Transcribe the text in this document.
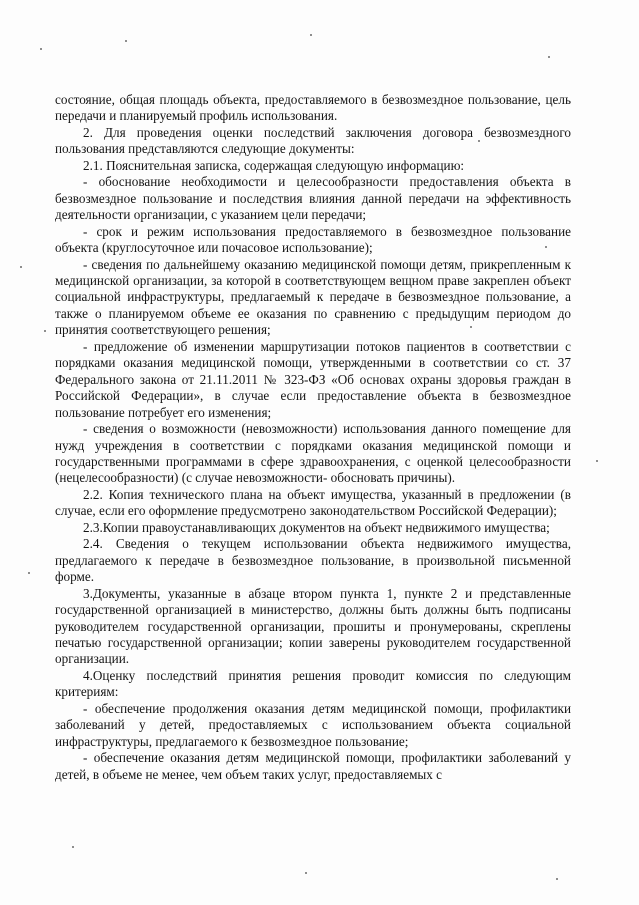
состояние, общая площадь объекта, предоставляемого в безвозмездное пользование, цель передачи и планируемый профиль использования.

2. Для проведения оценки последствий заключения договора безвозмездного пользования представляются следующие документы:

2.1. Пояснительная записка, содержащая следующую информацию:

- обоснование необходимости и целесообразности предоставления объекта в безвозмездное пользование и последствия влияния данной передачи на эффективность деятельности организации, с указанием цели передачи;

- срок и режим использования предоставляемого в безвозмездное пользование объекта (круглосуточное или почасовое использование);

- сведения по дальнейшему оказанию медицинской помощи детям, прикрепленным к медицинской организации, за которой в соответствующем вещном праве закреплен объект социальной инфраструктуры, предлагаемый к передаче в безвозмездное пользование, а также о планируемом объеме ее оказания по сравнению с предыдущим периодом до принятия соответствующего решения;

- предложение об изменении маршрутизации потоков пациентов в соответствии с порядками оказания медицинской помощи, утвержденными в соответствии со ст. 37 Федерального закона от 21.11.2011 № 323-ФЗ «Об основах охраны здоровья граждан в Российской Федерации», в случае если предоставление объекта в безвозмездное пользование потребует его изменения;

- сведения о возможности (невозможности) использования данного помещение для нужд учреждения в соответствии с порядками оказания медицинской помощи и государственными программами в сфере здравоохранения, с оценкой целесообразности (нецелесообразности) (с случае невозможности- обосновать причины).

2.2. Копия технического плана на объект имущества, указанный в предложении (в случае, если его оформление предусмотрено законодательством Российской Федерации);

2.3.Копии правоустанавливающих документов на объект недвижимого имущества;

2.4. Сведения о текущем использовании объекта недвижимого имущества, предлагаемого к передаче в безвозмездное пользование, в произвольной письменной форме.

3.Документы, указанные в абзаце втором пункта 1, пункте 2 и представленные государственной организацией в министерство, должны быть должны быть подписаны руководителем государственной организации, прошиты и пронумерованы, скреплены печатью государственной организации; копии заверены руководителем государственной организации.

4.Оценку последствий принятия решения проводит комиссия по следующим критериям:

- обеспечение продолжения оказания детям медицинской помощи, профилактики заболеваний у детей, предоставляемых с использованием объекта социальной инфраструктуры, предлагаемого к безвозмездное пользование;

- обеспечение оказания детям медицинской помощи, профилактики заболеваний у детей, в объеме не менее, чем объем таких услуг, предоставляемых с
